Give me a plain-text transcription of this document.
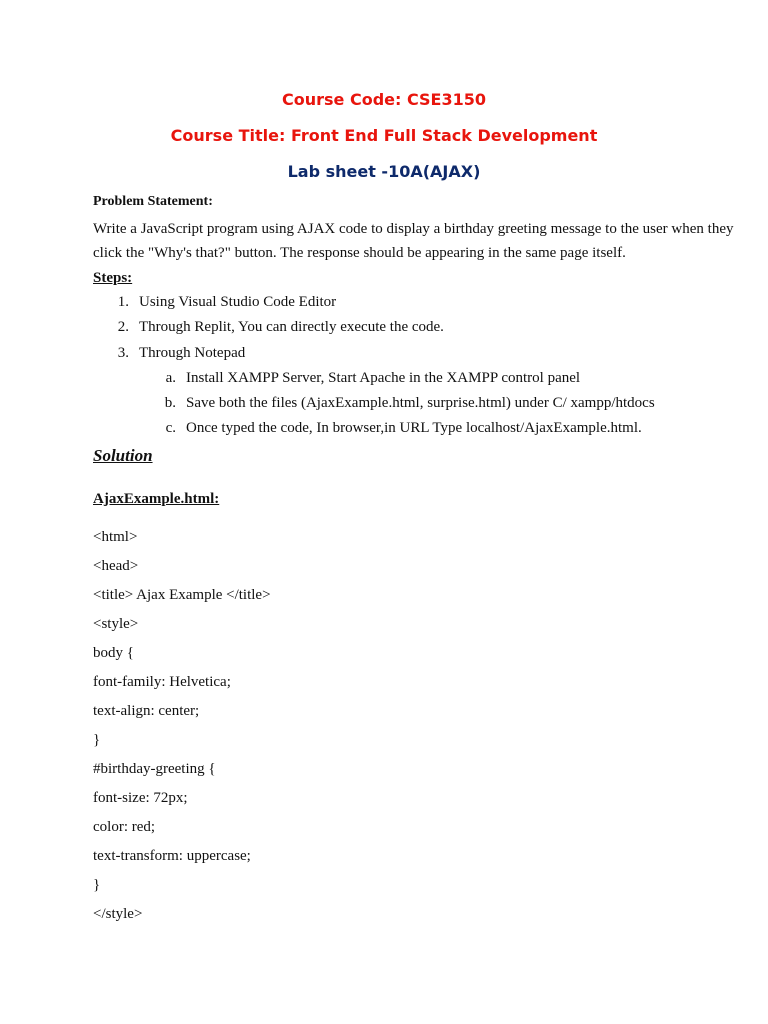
Course Code: CSE3150
Course Title: Front End Full Stack Development
Lab sheet -10A(AJAX)
Problem Statement:
Write a JavaScript program using AJAX code to display a birthday greeting message to the user when they click the "Why's that?" button. The response should be appearing in the same page itself.
Steps:
1. Using Visual Studio Code Editor
2. Through Replit, You can directly execute the code.
3. Through Notepad
a. Install XAMPP Server, Start Apache in the XAMPP control panel
b. Save both the files (AjaxExample.html, surprise.html) under C/ xampp/htdocs
c. Once typed the code, In browser,in URL Type localhost/AjaxExample.html.
Solution
AjaxExample.html:
<html>
<head>
<title> Ajax Example </title>
<style>
body {
font-family: Helvetica;
text-align: center;
}
#birthday-greeting {
font-size: 72px;
color: red;
text-transform: uppercase;
}
</style>
